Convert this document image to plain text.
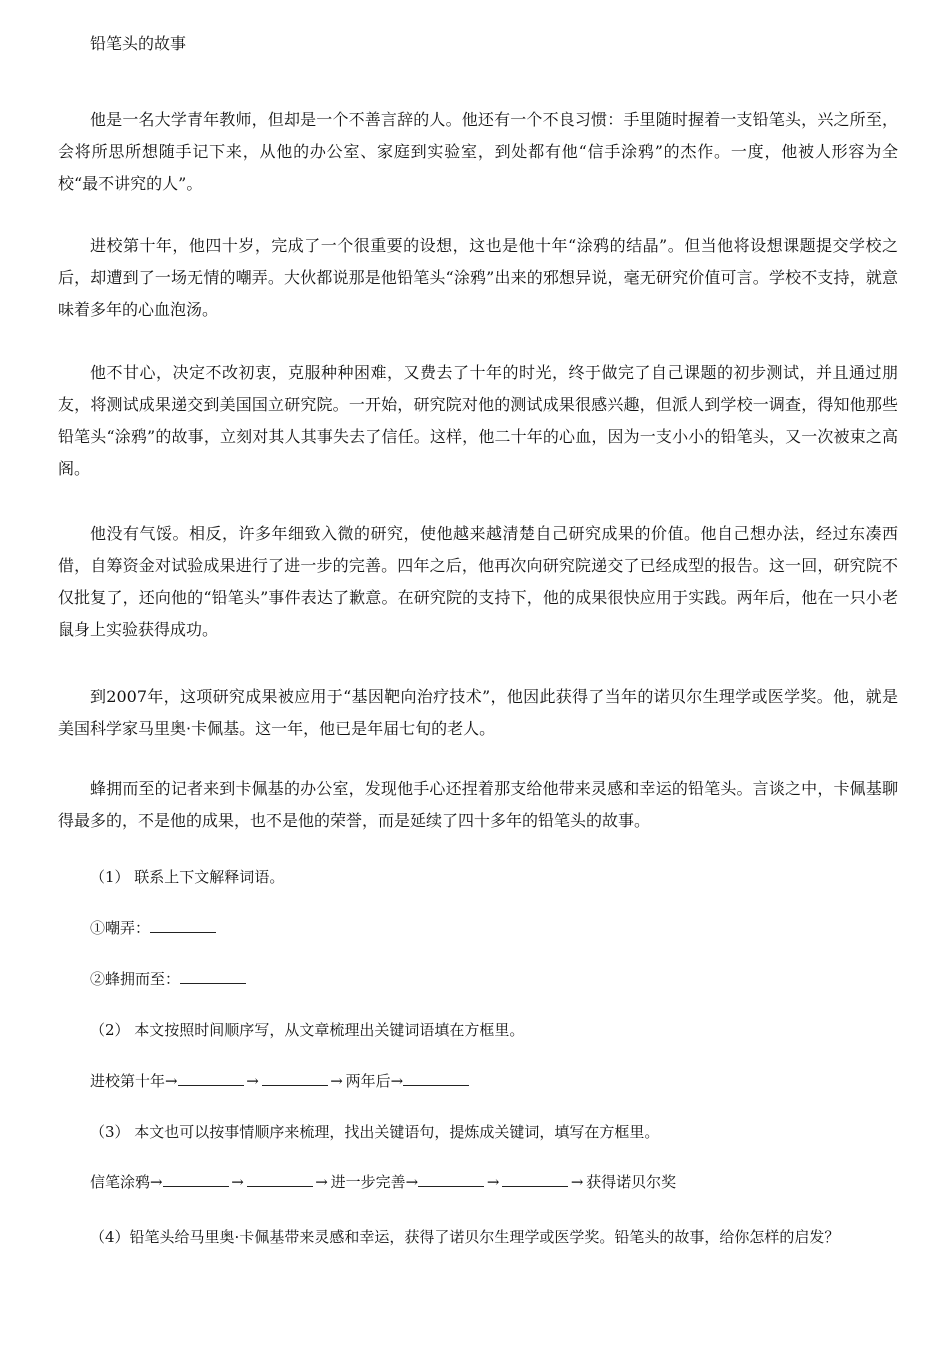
铅笔头的故事

他是一名大学青年教师，但却是一个不善言辞的人。他还有一个不良习惯：手里随时握着一支铅笔头，兴之所至，会将所思所想随手记下来，从他的办公室、家庭到实验室，到处都有他“信手涂鸦”的杰作。一度，他被人形容为全校“最不讲究的人”。

进校第十年，他四十岁，完成了一个很重要的设想，这也是他十年“涂鸦的结晶”。但当他将设想课题提交学校之后，却遭到了一场无情的嘲弄。大伙都说那是他铅笔头“涂鸦”出来的邪想异说，毫无研究价值可言。学校不支持，就意味着多年的心血泡汤。

他不甘心，决定不改初衷，克服种种困难，又费去了十年的时光，终于做完了自己课题的初步测试，并且通过朋友，将测试成果递交到美国国立研究院。一开始，研究院对他的测试成果很感兴趣，但派人到学校一调查，得知他那些铅笔头“涂鸦”的故事，立刻对其人其事失去了信任。这样，他二十年的心血，因为一支小小的铅笔头，又一次被束之高阁。

他没有气馁。相反，许多年细致入微的研究，使他越来越清楚自己研究成果的价值。他自己想办法，经过东凑西借，自筹资金对试验成果进行了进一步的完善。四年之后，他再次向研究院递交了已经成型的报告。这一回，研究院不仅批复了，还向他的“铅笔头”事件表达了歉意。在研究院的支持下，他的成果很快应用于实践。两年后，他在一只小老鼠身上实验获得成功。

到2007年，这项研究成果被应用于“基因靶向治疗技术”，他因此获得了当年的诺贝尔生理学或医学奖。他，就是美国科学家马里奥·卡佩基。这一年，他已是年届七旬的老人。

蜂拥而至的记者来到卡佩基的办公室，发现他手心还捏着那支给他带来灵感和幸运的铅笔头。言谈之中，卡佩基聊得最多的，不是他的成果，也不是他的荣誉，而是延续了四十多年的铅笔头的故事。

（1） 联系上下文解释词语。
①嘲弄：
②蜂拥而至：
（2） 本文按照时间顺序写，从文章梳理出关键词语填在方框里。
进校第十年→	→	→ 两年后→
（3） 本文也可以按事情顺序来梳理，找出关键语句，提炼成关键词，填写在方框里。
信笔涂鸦→	→	→ 进一步完善→	→	→ 获得诺贝尔奖

（4）铅笔头给马里奥·卡佩基带来灵感和幸运，获得了诺贝尔生理学或医学奖。铅笔头的故事，给你怎样的启发？
